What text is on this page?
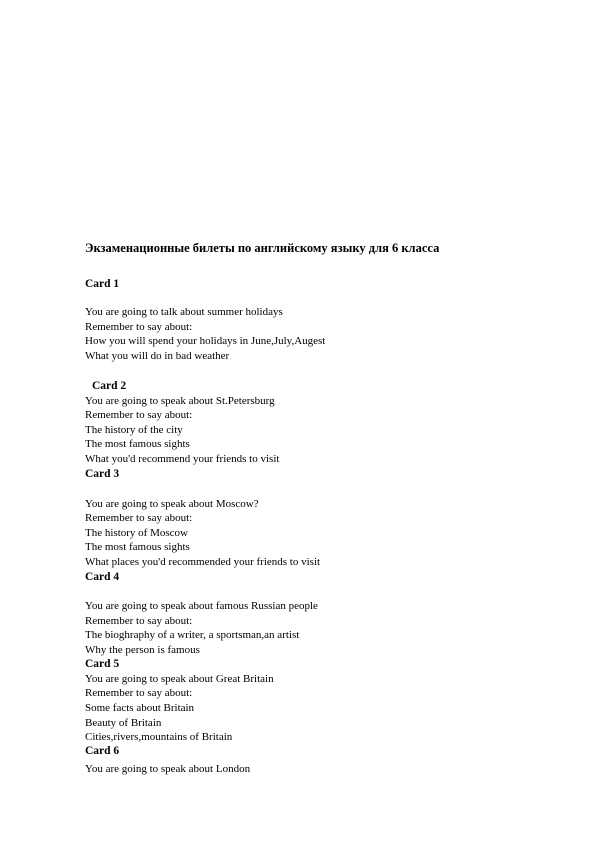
Экзаменационные билеты по английскому языку для 6 класса
Card 1
You are going to talk about summer holidays
Remember to say about:
How you will spend your holidays in June,July,Augest
What you will do in bad weather
Card 2
You are going to speak about St.Petersburg
Remember to say about:
The history of the city
The most famous sights
What you'd recommend your friends to visit
Card 3
You are going to speak about Moscow?
Remember to say about:
The history of Moscow
The most famous sights
What places you'd recommended your friends to visit
Card 4
You are going to speak about famous Russian people
Remember to say about:
The bioghraphy of a writer, a sportsman,an artist
Why the person is famous
Card 5
You are going to speak about Great Britain
Remember to say about:
Some facts about Britain
Beauty of Britain
Cities,rivers,mountains of Britain
Card 6
You are going to speak about London
